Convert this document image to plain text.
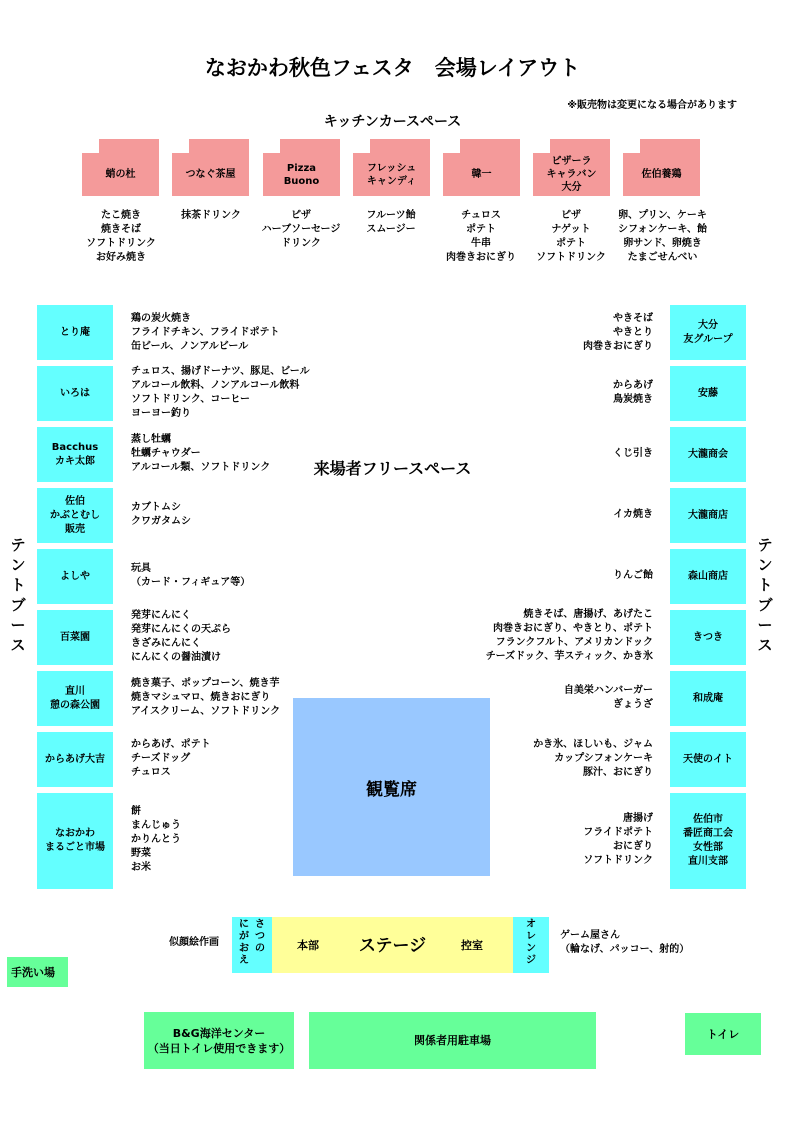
なおかわ秋色フェスタ　会場レイアウト
※販売物は変更になる場合があります
キッチンカースペース
蛸の杜	つなぐ茶屋
Pizza
Buono
フレッシュ
キャンディ
韓一
ピザーラ
キャラバン
大分
佐伯養鶏
たこ焼き
焼きそば
ソフトドリンク
お好み焼き
抹茶ドリンク	ピザ
ハーブソーセージ
ドリンク
フルーツ飴
スムージー
チュロス
ポテト
牛串
肉巻きおにぎり
ピザ
ナゲット
ポテト
ソフトドリンク
卵、プリン、ケーキ
シフォンケーキ、飴
卵サンド、卵焼き
たまごせんべい
テ
ン
ト
ブ
ー
ス
テ
ン
ト
ブ
ー
ス
とり庵
いろは
Bacchus
カキ太郎
佐伯
かぶとむし
販売
よしや
百菜園
直川
憩の森公園
からあげ大吉
なおかわ
まるごと市場
鶏の炭火焼き
フライドチキン、フライドポテト
缶ビール、ノンアルビール
チュロス、揚げドーナツ、豚足、ビール
アルコール飲料、ノンアルコール飲料
ソフトドリンク、コーヒー
ヨーヨー釣り
蒸し牡蠣
牡蠣チャウダー
アルコール類、ソフトドリンク
カブトムシ
クワガタムシ
玩具
（カード・フィギュア等）
発芽にんにく
発芽にんにくの天ぷら
きざみにんにく
にんにくの醤油漬け
焼き菓子、ポップコーン、焼き芋
焼きマシュマロ、焼きおにぎり
アイスクリーム、ソフトドリンク
からあげ、ポテト
チーズドッグ
チュロス
餅
まんじゅう
かりんとう
野菜
お米
大分
友グループ
安藤
大瀧商会
大瀧商店
森山商店
きつき
和成庵
天使のイト
佐伯市
番匠商工会
女性部
直川支部
やきそば
やきとり
肉巻きおにぎり
からあげ
鳥炭焼き
くじ引き
イカ焼き
りんご飴
焼きそば、唐揚げ、あげたこ
肉巻きおにぎり、やきとり、ポテト
フランクフルト、アメリカンドック
チーズドック、芋スティック、かき氷
自美栄ハンバーガー
ぎょうざ
かき氷、ほしいも、ジャム
カップシフォンケーキ
豚汁、おにぎり
唐揚げ
フライドポテト
おにぎり
ソフトドリンク
来場者フリースペース
観覧席
似顔絵作画
さ
つ
の
に
が
お
え
本部	ステージ	控室
オ
レ
ン
ジ
ゲーム屋さん
（輪なげ、パッコー、射的）
手洗い場
B&G海洋センター
（当日トイレ使用できます）
関係者用駐車場	トイレ
